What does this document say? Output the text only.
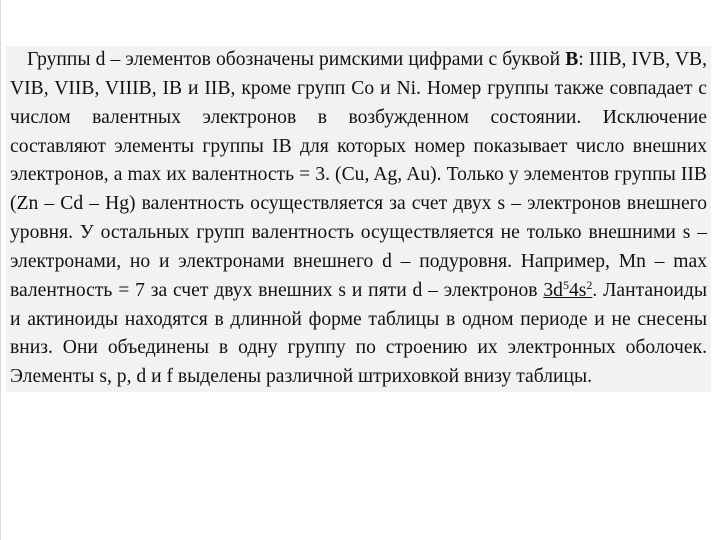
Группы d – элементов обозначены римскими цифрами с буквой B: IIIB, IVB, VB, VIB, VIIB, VIIIB, IB и IIB, кроме групп Co и Ni. Номер группы также совпадает с числом валентных электронов в возбужденном состоянии. Исключение составляют элементы группы IB для которых номер показывает число внешних электронов, а max их валентность = 3. (Cu, Ag, Au). Только у элементов группы IIB (Zn – Cd – Hg) валентность осуществляется за счет двух s – электронов внешнего уровня. У остальных групп валентность осуществляется не только внешними s – электронами, но и электронами внешнего d – подуровня. Например, Mn – max валентность = 7 за счет двух внешних s и пяти d – электронов $3d^54s^2$. Лантаноиды и актиноиды находятся в длинной форме таблицы в одном периоде и не снесены вниз. Они объединены в одну группу по строению их электронных оболочек. Элементы s, p, d и f выделены различной штриховкой внизу таблицы.
